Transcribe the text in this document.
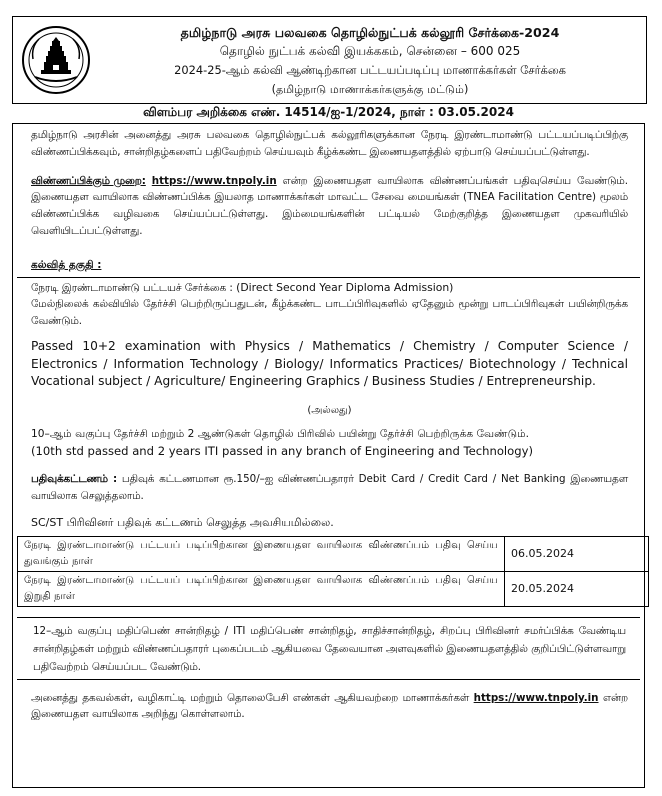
தமிழ்நாடு அரசு பலவகை தொழில்நுட்பக் கல்லூரி சேர்க்கை-2024
தொழில் நுட்பக் கல்வி இயக்ககம், சென்னை – 600 025
2024-25-ஆம் கல்வி ஆண்டிற்கான பட்டயப்படிப்பு மாணாக்கர்கள் சேர்க்கை
(தமிழ்நாடு மாணாக்கர்களுக்கு மட்டும்)
விளம்பர அறிக்கை எண். 14514/ஐ-1/2024, நாள் : 03.05.2024

தமிழ்நாடு அரசின் அனைத்து அரசு பலவகை தொழில்நுட்பக் கல்லூரிகளுக்கான நேரடி இரண்டாமாண்டு பட்டயப்படிப்பிற்கு விண்ணப்பிக்கவும், சான்றிதழ்களைப் பதிவேற்றம் செய்யவும் கீழ்க்கண்ட இணையதளத்தில் ஏற்பாடு செய்யப்பட்டுள்ளது.

விண்ணப்பிக்கும் முறை: https://www.tnpoly.in என்ற இணையதள வாயிலாக விண்ணப்பங்கள் பதிவுசெய்ய வேண்டும். இணையதள வாயிலாக விண்ணப்பிக்க இயலாத மாணாக்கர்கள் மாவட்ட சேவை மையங்கள் (TNEA Facilitation Centre) மூலம் விண்ணப்பிக்க வழிவகை செய்யப்பட்டுள்ளது. இம்மையங்களின் பட்டியல் மேற்குறித்த இணையதள முகவரியில் வெளியிடப்பட்டுள்ளது.

கல்வித் தகுதி :
நேரடி இரண்டாமாண்டு பட்டயச் சேர்க்கை : (Direct Second Year Diploma Admission)

மேல்நிலைக் கல்வியில் தேர்ச்சி பெற்றிருப்பதுடன், கீழ்க்கண்ட பாடப்பிரிவுகளில் ஏதேனும் மூன்று பாடப்பிரிவுகள் பயின்றிருக்க வேண்டும்.

Passed 10+2 examination with Physics / Mathematics / Chemistry / Computer Science / Electronics / Information Technology / Biology/ Informatics Practices/ Biotechnology / Technical Vocational subject / Agriculture/ Engineering Graphics / Business Studies / Entrepreneurship.

(அல்லது)

10–ஆம் வகுப்பு தேர்ச்சி மற்றும் 2 ஆண்டுகள் தொழில் பிரிவில் பயின்று தேர்ச்சி பெற்றிருக்க வேண்டும்.
(10th std passed and 2 years ITI passed in any branch of Engineering and Technology)

பதிவுக்கட்டணம் : பதிவுக் கட்டணமான ரூ.150/–ஐ விண்ணப்பதாரர் Debit Card / Credit Card / Net Banking இணையதள வாயிலாக செலுத்தலாம்.

SC/ST பிரிவினர் பதிவுக் கட்டணம் செலுத்த அவசியமில்லை.
நேரடி இரண்டாமாண்டு பட்டயப் படிப்பிற்கான இணையதள வாயிலாக விண்ணப்பம் பதிவு செய்ய துவங்கும் நாள்	06.05.2024
நேரடி இரண்டாமாண்டு பட்டயப் படிப்பிற்கான இணையதள வாயிலாக விண்ணப்பம் பதிவு செய்ய இறுதி நாள்	20.05.2024
12–ஆம் வகுப்பு மதிப்பெண் சான்றிதழ் / ITI மதிப்பெண் சான்றிதழ், சாதிச்சான்றிதழ், சிறப்பு பிரிவினர் சமர்ப்பிக்க வேண்டிய சான்றிதழ்கள் மற்றும் விண்ணப்பதாரர் புகைப்படம் ஆகியவை தேவையான அளவுகளில் இணையதளத்தில் குறிப்பிட்டுள்ளவாறு பதிவேற்றம் செய்யப்பட வேண்டும்.

அனைத்து தகவல்கள், வழிகாட்டி மற்றும் தொலைபேசி எண்கள் ஆகியவற்றை மாணாக்கர்கள் https://www.tnpoly.in என்ற இணையதள வாயிலாக அறிந்து கொள்ளலாம்.
